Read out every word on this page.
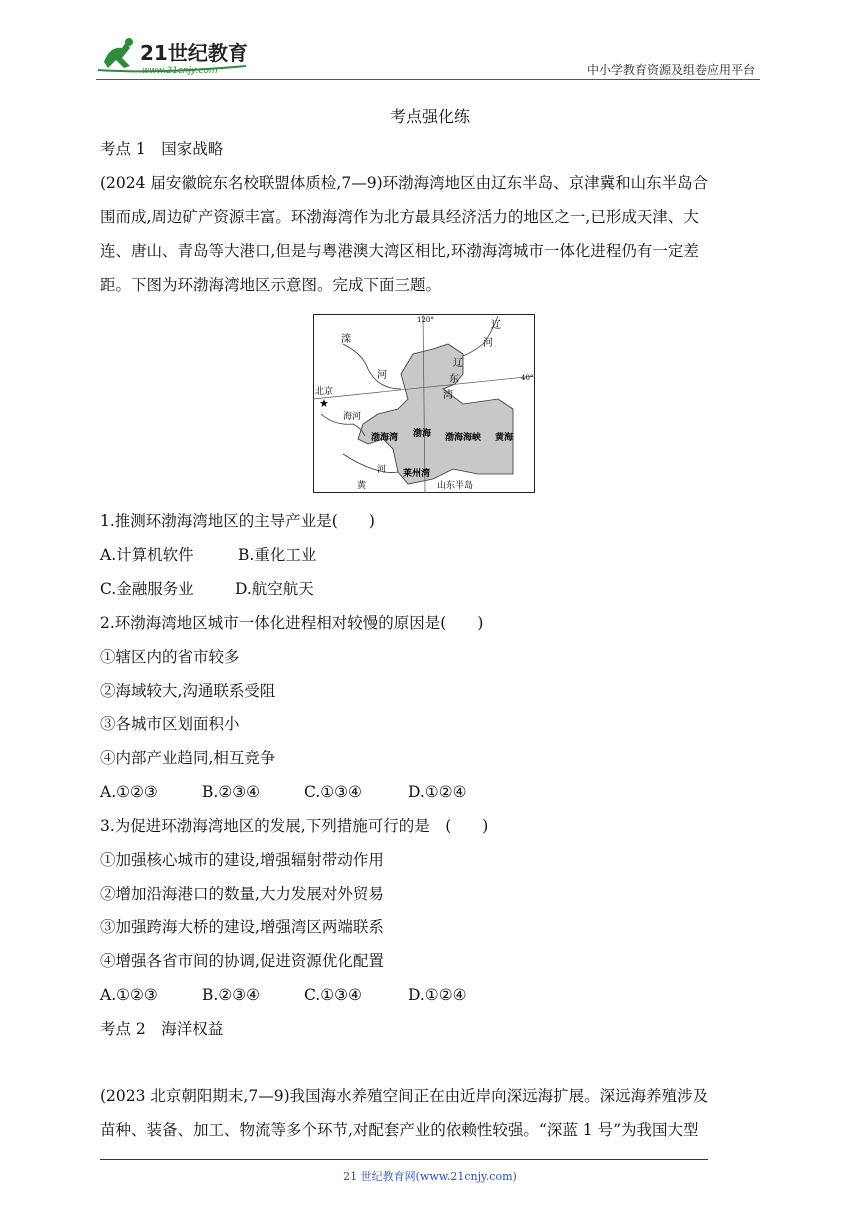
21世纪教育
www.21cnjy.com	中小学教育资源及组卷应用平台
考点强化练
考点 1　国家战略
(2024 届安徽皖东名校联盟体质检,7—9)环渤海湾地区由辽东半岛、京津冀和山东半岛合
围而成,周边矿产资源丰富。环渤海湾作为北方最具经济活力的地区之一,已形成天津、大
连、唐山、青岛等大港口,但是与粤港澳大湾区相比,环渤海湾城市一体化进程仍有一定差
距。下图为环渤海湾地区示意图。完成下面三题。
120°
40°
滦
河
辽
河
辽
东
湾
北京
★
海河
渤海湾 渤海 渤海海峡 黄海
莱州湾
河
黄	山东半岛
1.推测环渤海湾地区的主导产业是(　　)
A.计算机软件	B.重化工业
C.金融服务业	D.航空航天
2.环渤海湾地区城市一体化进程相对较慢的原因是(　　)
①辖区内的省市较多
②海域较大,沟通联系受阻
③各城市区划面积小
④内部产业趋同,相互竞争
A.①②③	B.②③④	C.①③④	D.①②④
3.为促进环渤海湾地区的发展,下列措施可行的是　(　　)
①加强核心城市的建设,增强辐射带动作用
②增加沿海港口的数量,大力发展对外贸易
③加强跨海大桥的建设,增强湾区两端联系
④增强各省市间的协调,促进资源优化配置
A.①②③	B.②③④	C.①③④	D.①②④
考点 2　海洋权益
(2023 北京朝阳期末,7—9)我国海水养殖空间正在由近岸向深远海扩展。深远海养殖涉及
苗种、装备、加工、物流等多个环节,对配套产业的依赖性较强。“深蓝 1 号”为我国大型
21 世纪教育网(www.21cnjy.com)
